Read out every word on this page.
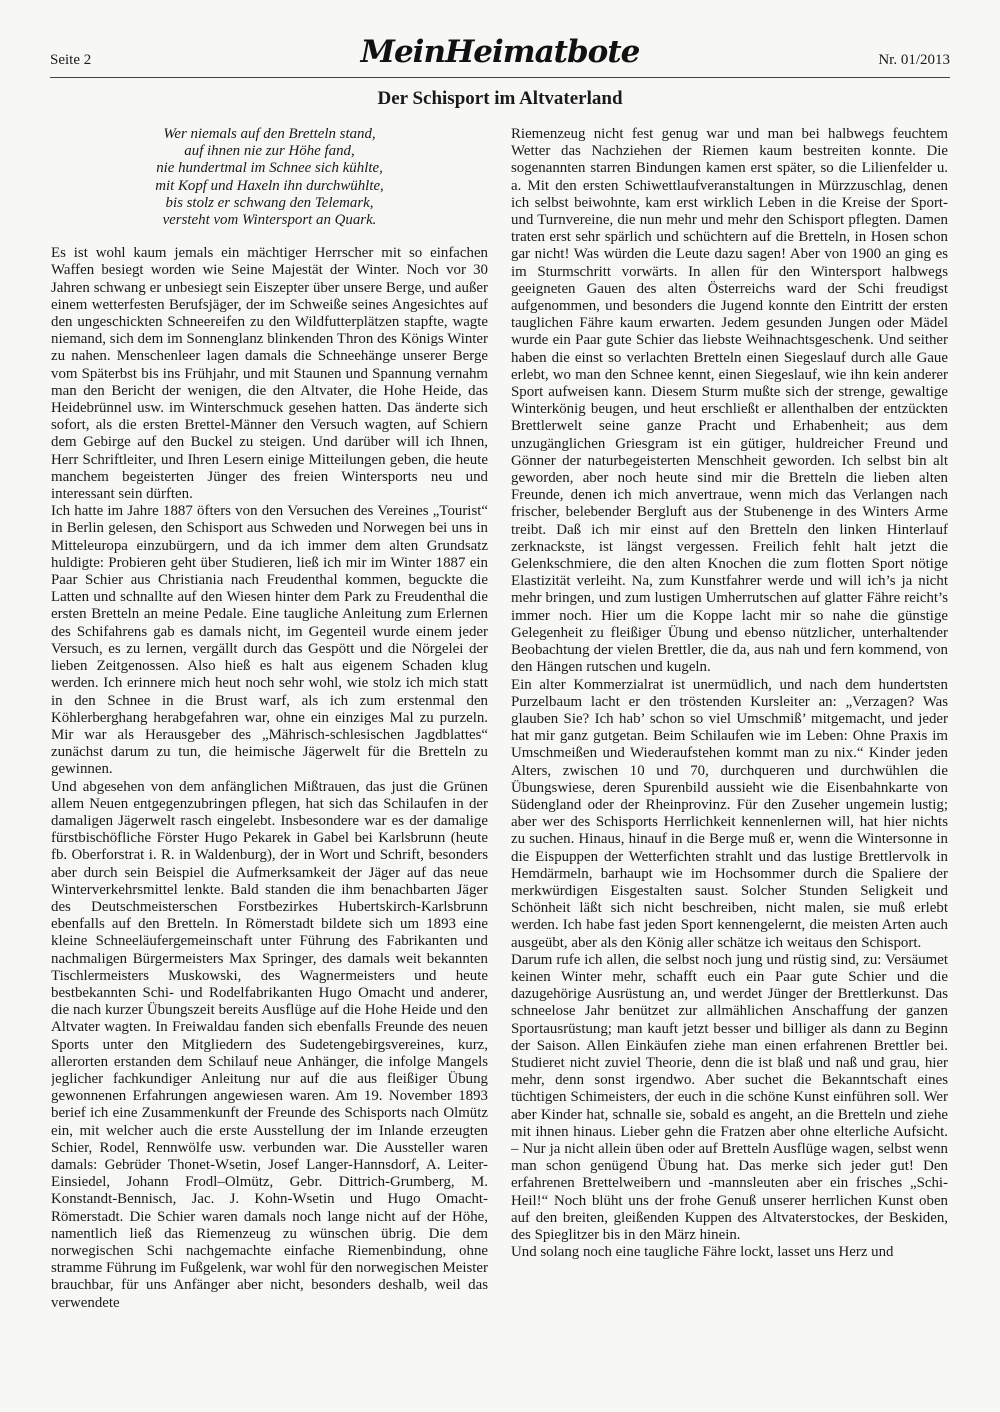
Seite 2	MeinHeimatbote	Nr. 01/2013
Der Schisport im Altvaterland
Wer niemals auf den Bretteln stand,
auf ihnen nie zur Höhe fand,
nie hundertmal im Schnee sich kühlte,
mit Kopf und Haxeln ihn durchwühlte,
bis stolz er schwang den Telemark,
versteht vom Wintersport an Quark.

Es ist wohl kaum jemals ein mächtiger Herrscher mit so einfachen Waffen besiegt worden wie Seine Majestät der Winter. Noch vor 30 Jahren schwang er unbesiegt sein Eiszepter über unsere Berge, und außer einem wetterfesten Berufsjäger, der im Schweiße seines Angesichtes auf den ungeschickten Schneereifen zu den Wildfutterplätzen stapfte, wagte niemand, sich dem im Sonnenglanz blinkenden Thron des Königs Winter zu nahen. Menschenleer lagen damals die Schneehänge unserer Berge vom Späterbst bis ins Frühjahr, und mit Staunen und Spannung vernahm man den Bericht der wenigen, die den Altvater, die Hohe Heide, das Heidebrünnel usw. im Winterschmuck gesehen hatten. Das änderte sich sofort, als die ersten Brettel-Männer den Versuch wagten, auf Schiern dem Gebirge auf den Buckel zu steigen. Und darüber will ich Ihnen, Herr Schriftleiter, und Ihren Lesern einige Mitteilungen geben, die heute manchem begeisterten Jünger des freien Wintersports neu und interessant sein dürften.

Ich hatte im Jahre 1887 öfters von den Versuchen des Vereines „Tourist“ in Berlin gelesen, den Schisport aus Schweden und Norwegen bei uns in Mitteleuropa einzubürgern, und da ich immer dem alten Grundsatz huldigte: Probieren geht über Studieren, ließ ich mir im Winter 1887 ein Paar Schier aus Christiania nach Freudenthal kommen, beguckte die Latten und schnallte auf den Wiesen hinter dem Park zu Freudenthal die ersten Bretteln an meine Pedale. Eine taugliche Anleitung zum Erlernen des Schifahrens gab es damals nicht, im Gegenteil wurde einem jeder Versuch, es zu lernen, vergällt durch das Gespött und die Nörgelei der lieben Zeitgenossen. Also hieß es halt aus eigenem Schaden klug werden. Ich erinnere mich heut noch sehr wohl, wie stolz ich mich statt in den Schnee in die Brust warf, als ich zum erstenmal den Köhlerberghang herabgefahren war, ohne ein einziges Mal zu purzeln. Mir war als Herausgeber des „Mährisch-schlesischen Jagdblattes“ zunächst darum zu tun, die heimische Jägerwelt für die Bretteln zu gewinnen.

Und abgesehen von dem anfänglichen Mißtrauen, das just die Grünen allem Neuen entgegenzubringen pflegen, hat sich das Schilaufen in der damaligen Jägerwelt rasch eingelebt. Insbesondere war es der damalige fürstbischöfliche Förster Hugo Pekarek in Gabel bei Karlsbrunn (heute fb. Oberforstrat i. R. in Waldenburg), der in Wort und Schrift, besonders aber durch sein Beispiel die Aufmerksamkeit der Jäger auf das neue Winterverkehrsmittel lenkte. Bald standen die ihm benachbarten Jäger des Deutschmeisterschen Forstbezirkes Hubertskirch-Karlsbrunn ebenfalls auf den Bretteln. In Römerstadt bildete sich um 1893 eine kleine Schneeläufergemeinschaft unter Führung des Fabrikanten und nachmaligen Bürgermeisters Max Springer, des damals weit bekannten Tischlermeisters Muskowski, des Wagnermeisters und heute bestbekannten Schi- und Rodelfabrikanten Hugo Omacht und anderer, die nach kurzer Übungszeit bereits Ausflüge auf die Hohe Heide und den Altvater wagten. In Freiwaldau fanden sich ebenfalls Freunde des neuen Sports unter den Mitgliedern des Sudetengebirgsvereines, kurz, allerorten erstanden dem Schilauf neue Anhänger, die infolge Mangels jeglicher fachkundiger Anleitung nur auf die aus fleißiger Übung gewonnenen Erfahrungen angewiesen waren. Am 19. November 1893 berief ich eine Zusammenkunft der Freunde des Schisports nach Olmütz ein, mit welcher auch die erste Ausstellung der im Inlande erzeugten Schier, Rodel, Rennwölfe usw. verbunden war. Die Aussteller waren damals: Gebrüder Thonet-Wsetin, Josef Langer-Hannsdorf, A. Leiter-Einsiedel, Johann Frodl–Olmütz, Gebr. Dittrich-Grumberg, M. Konstandt-Bennisch, Jac. J. Kohn-Wsetin und Hugo Omacht-Römerstadt. Die Schier waren damals noch lange nicht auf der Höhe, namentlich ließ das Riemenzeug zu wünschen übrig. Die dem norwegischen Schi nachgemachte einfache Riemenbindung, ohne stramme Führung im Fußgelenk, war wohl für den norwegischen Meister brauchbar, für uns Anfänger aber nicht, besonders deshalb, weil das verwendete

Riemenzeug nicht fest genug war und man bei halbwegs feuchtem Wetter das Nachziehen der Riemen kaum bestreiten konnte. Die sogenannten starren Bindungen kamen erst später, so die Lilienfelder u. a. Mit den ersten Schiwettlaufveranstaltungen in Mürzzuschlag, denen ich selbst beiwohnte, kam erst wirklich Leben in die Kreise der Sport- und Turnvereine, die nun mehr und mehr den Schisport pflegten. Damen traten erst sehr spärlich und schüchtern auf die Bretteln, in Hosen schon gar nicht! Was würden die Leute dazu sagen! Aber von 1900 an ging es im Sturmschritt vorwärts. In allen für den Wintersport halbwegs geeigneten Gauen des alten Österreichs ward der Schi freudigst aufgenommen, und besonders die Jugend konnte den Eintritt der ersten tauglichen Fähre kaum erwarten. Jedem gesunden Jungen oder Mädel wurde ein Paar gute Schier das liebste Weihnachtsgeschenk. Und seither haben die einst so verlachten Bretteln einen Siegeslauf durch alle Gaue erlebt, wo man den Schnee kennt, einen Siegeslauf, wie ihn kein anderer Sport aufweisen kann. Diesem Sturm mußte sich der strenge, gewaltige Winterkönig beugen, und heut erschließt er allenthalben der entzückten Brettlerwelt seine ganze Pracht und Erhabenheit; aus dem unzugänglichen Griesgram ist ein gütiger, huldreicher Freund und Gönner der naturbegeisterten Menschheit geworden. Ich selbst bin alt geworden, aber noch heute sind mir die Bretteln die lieben alten Freunde, denen ich mich anvertraue, wenn mich das Verlangen nach frischer, belebender Bergluft aus der Stubenenge in des Winters Arme treibt. Daß ich mir einst auf den Bretteln den linken Hinterlauf zerknackste, ist längst vergessen. Freilich fehlt halt jetzt die Gelenkschmiere, die den alten Knochen die zum flotten Sport nötige Elastizität verleiht. Na, zum Kunstfahrer werde und will ich’s ja nicht mehr bringen, und zum lustigen Umherrutschen auf glatter Fähre reicht’s immer noch. Hier um die Koppe lacht mir so nahe die günstige Gelegenheit zu fleißiger Übung und ebenso nützlicher, unterhaltender Beobachtung der vielen Brettler, die da, aus nah und fern kommend, von den Hängen rutschen und kugeln.

Ein alter Kommerzialrat ist unermüdlich, und nach dem hundertsten Purzelbaum lacht er den tröstenden Kursleiter an: „Verzagen? Was glauben Sie? Ich hab’ schon so viel Umschmiß’ mitgemacht, und jeder hat mir ganz gutgetan. Beim Schilaufen wie im Leben: Ohne Praxis im Umschmeißen und Wiederaufstehen kommt man zu nix.“ Kinder jeden Alters, zwischen 10 und 70, durchqueren und durchwühlen die Übungswiese, deren Spurenbild aussieht wie die Eisenbahnkarte von Südengland oder der Rheinprovinz. Für den Zuseher ungemein lustig; aber wer des Schisports Herrlichkeit kennenlernen will, hat hier nichts zu suchen. Hinaus, hinauf in die Berge muß er, wenn die Wintersonne in die Eispuppen der Wetterfichten strahlt und das lustige Brettlervolk in Hemdärmeln, barhaupt wie im Hochsommer durch die Spaliere der merkwürdigen Eisgestalten saust. Solcher Stunden Seligkeit und Schönheit läßt sich nicht beschreiben, nicht malen, sie muß erlebt werden. Ich habe fast jeden Sport kennengelernt, die meisten Arten auch ausgeübt, aber als den König aller schätze ich weitaus den Schisport.

Darum rufe ich allen, die selbst noch jung und rüstig sind, zu: Versäumet keinen Winter mehr, schafft euch ein Paar gute Schier und die dazugehörige Ausrüstung an, und werdet Jünger der Brettlerkunst. Das schneelose Jahr benützet zur allmählichen Anschaffung der ganzen Sportausrüstung; man kauft jetzt besser und billiger als dann zu Beginn der Saison. Allen Einkäufen ziehe man einen erfahrenen Brettler bei. Studieret nicht zuviel Theorie, denn die ist blaß und naß und grau, hier mehr, denn sonst irgendwo. Aber suchet die Bekanntschaft eines tüchtigen Schimeisters, der euch in die schöne Kunst einführen soll. Wer aber Kinder hat, schnalle sie, sobald es angeht, an die Bretteln und ziehe mit ihnen hinaus. Lieber gehn die Fratzen aber ohne elterliche Aufsicht. – Nur ja nicht allein üben oder auf Bretteln Ausflüge wagen, selbst wenn man schon genügend Übung hat. Das merke sich jeder gut! Den erfahrenen Brettelweibern und -mannsleuten aber ein frisches „Schi-Heil!“ Noch blüht uns der frohe Genuß unserer herrlichen Kunst oben auf den breiten, gleißenden Kuppen des Altvaterstockes, der Beskiden, des Spieglitzer bis in den März hinein.

Und solang noch eine taugliche Fähre lockt, lasset uns Herz und
